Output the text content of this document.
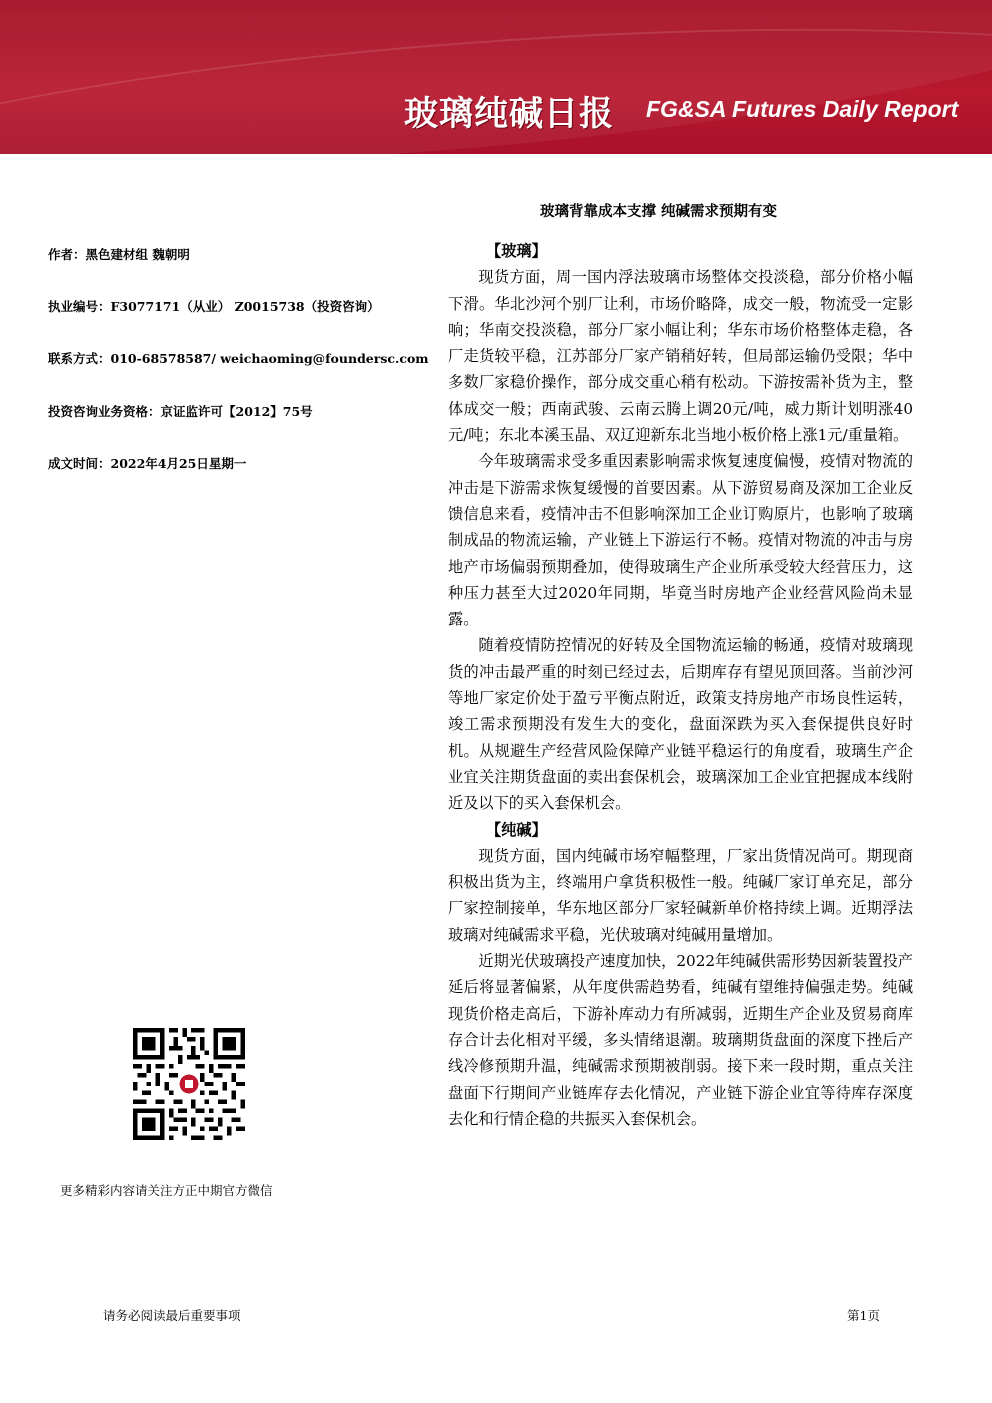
玻璃纯碱日报 FG&SA Futures Daily Report
玻璃背靠成本支撑 纯碱需求预期有变
作者：黑色建材组 魏朝明
执业编号：F3077171（从业） Z0015738（投资咨询）
联系方式：010-68578587/ weichaoming@foundersc.com
投资咨询业务资格：京证监许可【2012】75号
成文时间：2022年4月25日星期一
更多精彩内容请关注方正中期官方微信
【玻璃】

现货方面，周一国内浮法玻璃市场整体交投淡稳，部分价格小幅下滑。华北沙河个别厂让利，市场价略降，成交一般，物流受一定影响；华南交投淡稳，部分厂家小幅让利；华东市场价格整体走稳，各厂走货较平稳，江苏部分厂家产销稍好转，但局部运输仍受限；华中多数厂家稳价操作，部分成交重心稍有松动。下游按需补货为主，整体成交一般；西南武骏、云南云腾上调20元/吨，威力斯计划明涨40元/吨；东北本溪玉晶、双辽迎新东北当地小板价格上涨1元/重量箱。

今年玻璃需求受多重因素影响需求恢复速度偏慢，疫情对物流的冲击是下游需求恢复缓慢的首要因素。从下游贸易商及深加工企业反馈信息来看，疫情冲击不但影响深加工企业订购原片，也影响了玻璃制成品的物流运输，产业链上下游运行不畅。疫情对物流的冲击与房地产市场偏弱预期叠加，使得玻璃生产企业所承受较大经营压力，这种压力甚至大过2020年同期，毕竟当时房地产企业经营风险尚未显露。

随着疫情防控情况的好转及全国物流运输的畅通，疫情对玻璃现货的冲击最严重的时刻已经过去，后期库存有望见顶回落。当前沙河等地厂家定价处于盈亏平衡点附近，政策支持房地产市场良性运转，竣工需求预期没有发生大的变化，盘面深跌为买入套保提供良好时机。从规避生产经营风险保障产业链平稳运行的角度看，玻璃生产企业宜关注期货盘面的卖出套保机会，玻璃深加工企业宜把握成本线附近及以下的买入套保机会。

【纯碱】

现货方面，国内纯碱市场窄幅整理，厂家出货情况尚可。期现商积极出货为主，终端用户拿货积极性一般。纯碱厂家订单充足，部分厂家控制接单，华东地区部分厂家轻碱新单价格持续上调。近期浮法玻璃对纯碱需求平稳，光伏玻璃对纯碱用量增加。

近期光伏玻璃投产速度加快，2022年纯碱供需形势因新装置投产延后将显著偏紧，从年度供需趋势看，纯碱有望维持偏强走势。纯碱现货价格走高后，下游补库动力有所减弱，近期生产企业及贸易商库存合计去化相对平缓，多头情绪退潮。玻璃期货盘面的深度下挫后产线冷修预期升温，纯碱需求预期被削弱。接下来一段时期，重点关注盘面下行期间产业链库存去化情况，产业链下游企业宜等待库存深度去化和行情企稳的共振买入套保机会。

请务必阅读最后重要事项	第1页
